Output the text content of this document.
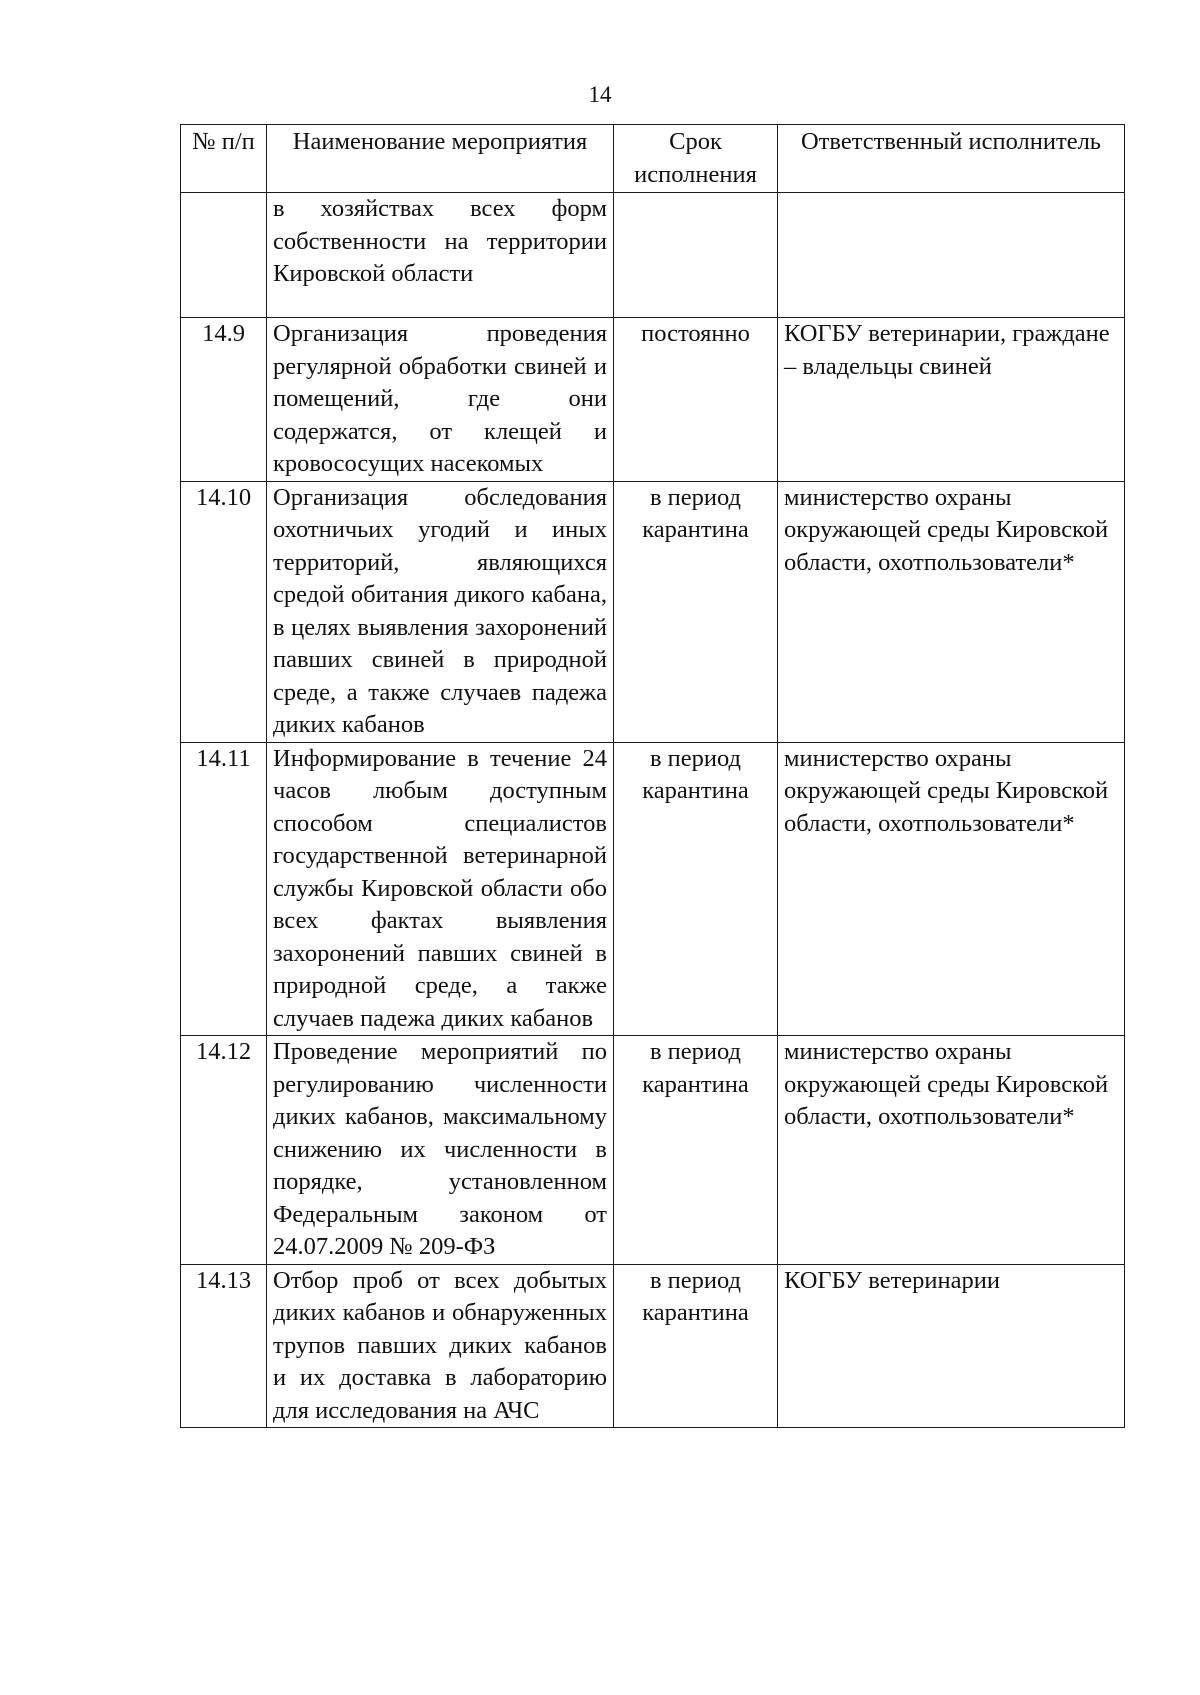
14
№ п/п	Наименование мероприятия	Срок исполнения	Ответственный исполнитель
	в хозяйствах всех форм собственности на территории Кировской области		
14.9	Организация проведения регулярной обработки свиней и помещений, где они содержатся, от клещей и кровососущих насекомых	постоянно	КОГБУ ветеринарии, граждане – владельцы свиней
14.10	Организация обследования охотничьих угодий и иных территорий, являющихся средой обитания дикого кабана, в целях выявления захоронений павших свиней в природной среде, а также случаев падежа диких кабанов	в период карантина	министерство охраны окружающей среды Кировской области, охотпользователи*
14.11	Информирование в течение 24 часов любым доступным способом специалистов государственной ветеринарной службы Кировской области обо всех фактах выявления захоронений павших свиней в природной среде, а также случаев падежа диких кабанов	в период карантина	министерство охраны окружающей среды Кировской области, охотпользователи*
14.12	Проведение мероприятий по регулированию численности диких кабанов, максимальному снижению их численности в порядке, установленном Федеральным законом от 24.07.2009 № 209-ФЗ	в период карантина	министерство охраны окружающей среды Кировской области, охотпользователи*
14.13	Отбор проб от всех добытых диких кабанов и обнаруженных трупов павших диких кабанов и их доставка в лабораторию для исследования на АЧС	в период карантина	КОГБУ ветеринарии
